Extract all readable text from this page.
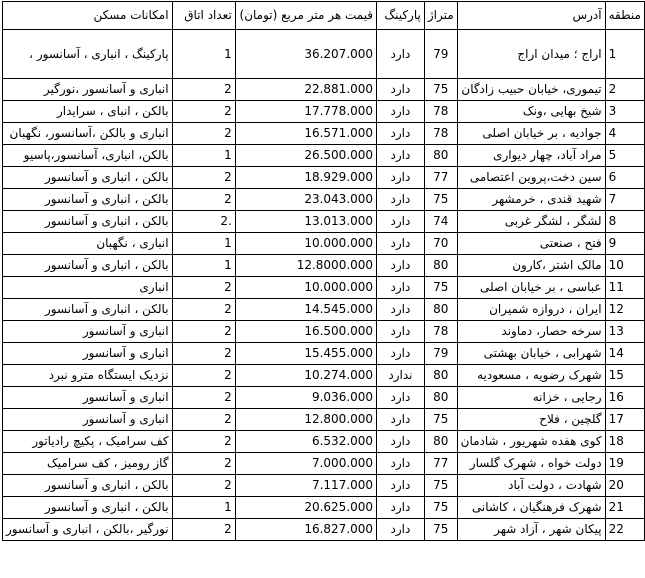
امکانات مسکن	تعداد اتاق	قیمت هر متر مربع (تومان)	پارکینگ	متراژ	آدرس	منطقه
پارکینگ ، انباری ، آسانسور ،	1	36.207.000	دارد	79	اراج ؛ میدان اراج	1
انباری و آسانسور ،نورگیر	2	22.881.000	دارد	75	تیموری، خیابان حبیب زادگان	2
بالکن ، انبای ، سرایدار	2	17.778.000	دارد	78	شیخ بهایی ،ونک	3
انباری و بالکن ،آسانسور، نگهبان	2	16.571.000	دارد	78	جوادیه ، بر خیابان اصلی	4
بالکن، انباری، آسانسور،پاسیو	1	26.500.000	دارد	80	مراد آباد، چهار دیواری	5
بالکن ، انباری و آسانسور	2	18.929.000	دارد	77	سین دخت،پروین اعتصامی	6
بالکن ، انباری و آسانسور	2	23.043.000	دارد	75	شهید قندی ، خرمشهر	7
بالکن ، انباری و آسانسور	2.	13.013.000	دارد	74	لشگر ، لشگر غربی	8
انباری ، نگهبان	1	10.000.000	دارد	70	فتح ، صنعتی	9
بالکن ، انباری و آسانسور	1	12.8000.000	دارد	80	مالک اشتر ،کارون	10
انباری	2	10.000.000	دارد	75	عباسی ، بر خیابان اصلی	11
بالکن ، انباری و آسانسور	2	14.545.000	دارد	80	ایران ، دروازه شمیران	12
انباری و آسانسور	2	16.500.000	دارد	78	سرخه حصار، دماوند	13
انباری و آسانسور	2	15.455.000	دارد	79	شهرابی ، خیابان بهشتی	14
نزدیک ایستگاه مترو نبرد	2	10.274.000	ندارد	80	شهرک رضویه ، مسعودیه	15
انباری و آسانسور	2	9.036.000	دارد	80	رجایی ، خزانه	16
انباری و آسانسور	2	12.800.000	دارد	75	گلچین ، فلاح	17
کف سرامیک ، پکیچ رادیاتور	2	6.532.000	دارد	80	کوی هفده شهریور ، شادمان	18
گاز رومیز ، کف سرامیک	2	7.000.000	دارد	77	دولت خواه ، شهرک گلسار	19
بالکن ، انباری و آسانسور	2	7.117.000	دارد	75	شهادت ، دولت آباد	20
بالکن ، انباری و آسانسور	1	20.625.000	دارد	75	شهرک فرهنگیان ، کاشانی	21
نورگیر ،بالکن ، انباری و آسانسور	2	16.827.000	دارد	75	پیکان شهر ، آزاد شهر	22
